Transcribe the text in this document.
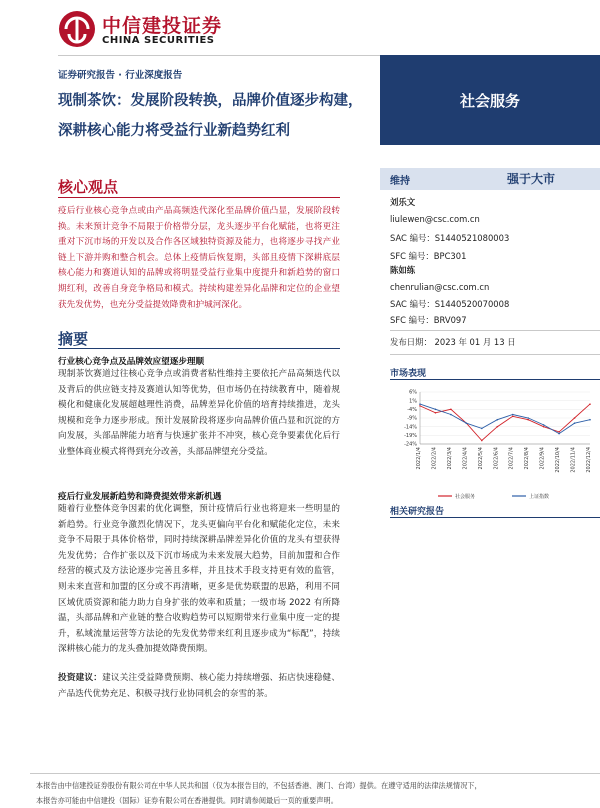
中信建投证券
CHINA SECURITIES
社会服务
证券研究报告 · 行业深度报告
现制茶饮：发展阶段转换，品牌价值逐步构建，深耕核心能力将受益行业新趋势红利
核心观点
疫后行业核心竞争点或由产品高频迭代深化至品牌价值凸显，发展阶段转换。未来预计竞争不局限于价格带分层，龙头逐步平台化赋能，也将更注重对下沉市场的开发以及合作各区域独特资源及能力，也将逐步寻找产业链上下游并购和整合机会。总体上疫情后恢复期，头部且疫情下深耕底层核心能力和赛道认知的品牌或将明显受益行业集中度提升和新趋势的窗口期红利，改善自身竞争格局和模式。持续构建差异化品牌和定位的企业望获先发优势，也充分受益提效降费和护城河深化。
摘要
行业核心竞争点及品牌效应望逐步理顺
现制茶饮赛道过往核心竞争点或消费者粘性维持主要依托产品高频迭代以及背后的供应链支持及赛道认知等优势，但市场仍在持续教育中，随着规模化和健康化发展超越理性消费，品牌差异化价值的培育持续推进，龙头规模和竞争力逐步形成。预计发展阶段将逐步向品牌价值凸显和沉淀的方向发展，头部品牌能力培育与快速扩张并不冲突，核心竞争要素优化后行业整体商业模式将得到充分改善，头部品牌望充分受益。
疫后行业发展新趋势和降费提效带来新机遇
随着行业整体竞争因素的优化调整，预计疫情后行业也将迎来一些明显的新趋势。行业竞争激烈化情况下，龙头更偏向平台化和赋能化定位，未来竞争不局限于具体价格带，同时持续深耕品牌差异化价值的龙头有望获得先发优势；合作扩张以及下沉市场成为未来发展大趋势，目前加盟和合作经营的模式及方法论逐步完善且多样，并且技术手段支持更有效的监管，则未来直营和加盟的区分或不再清晰，更多是优势联盟的思路，利用不同区域优质资源和能力助力自身扩张的效率和质量；一级市场 2022 有所降温，头部品牌和产业链的整合收购趋势可以短期带来行业集中度一定的提升，私域流量运营等方法论的先发优势带来红利且逐步成为“标配”，持续深耕核心能力的龙头叠加提效降费预期。
投资建议：建议关注受益降费预期、核心能力持续增强、拓店快速稳健、产品迭代优势充足、积极寻找行业协同机会的奈雪的茶。
维持	强于大市
刘乐文
liulewen@csc.com.cn
SAC 编号：S1440521080003
SFC 编号：BPC301
陈如练
chenrulian@csc.com.cn
SAC 编号：S1440520070008
SFC 编号：BRV097
发布日期： 2023 年 01 月 13 日
市场表现
6%
1%
-4%
-9%
-14%
-19%
-24%
2022/1/4 2022/2/4 2022/3/4 2022/4/4 2022/5/4 2022/6/4 2022/7/4 2022/8/4 2022/9/4 2022/10/4 2022/11/4 2022/12/4
社会服务	上证指数
相关研究报告
本报告由中信建投证券股份有限公司在中华人民共和国（仅为本报告目的，不包括香港、澳门、台湾）提供。在遵守适用的法律法规情况下，
本报告亦可能由中信建投（国际）证券有限公司在香港提供。同时请参阅最后一页的重要声明。
